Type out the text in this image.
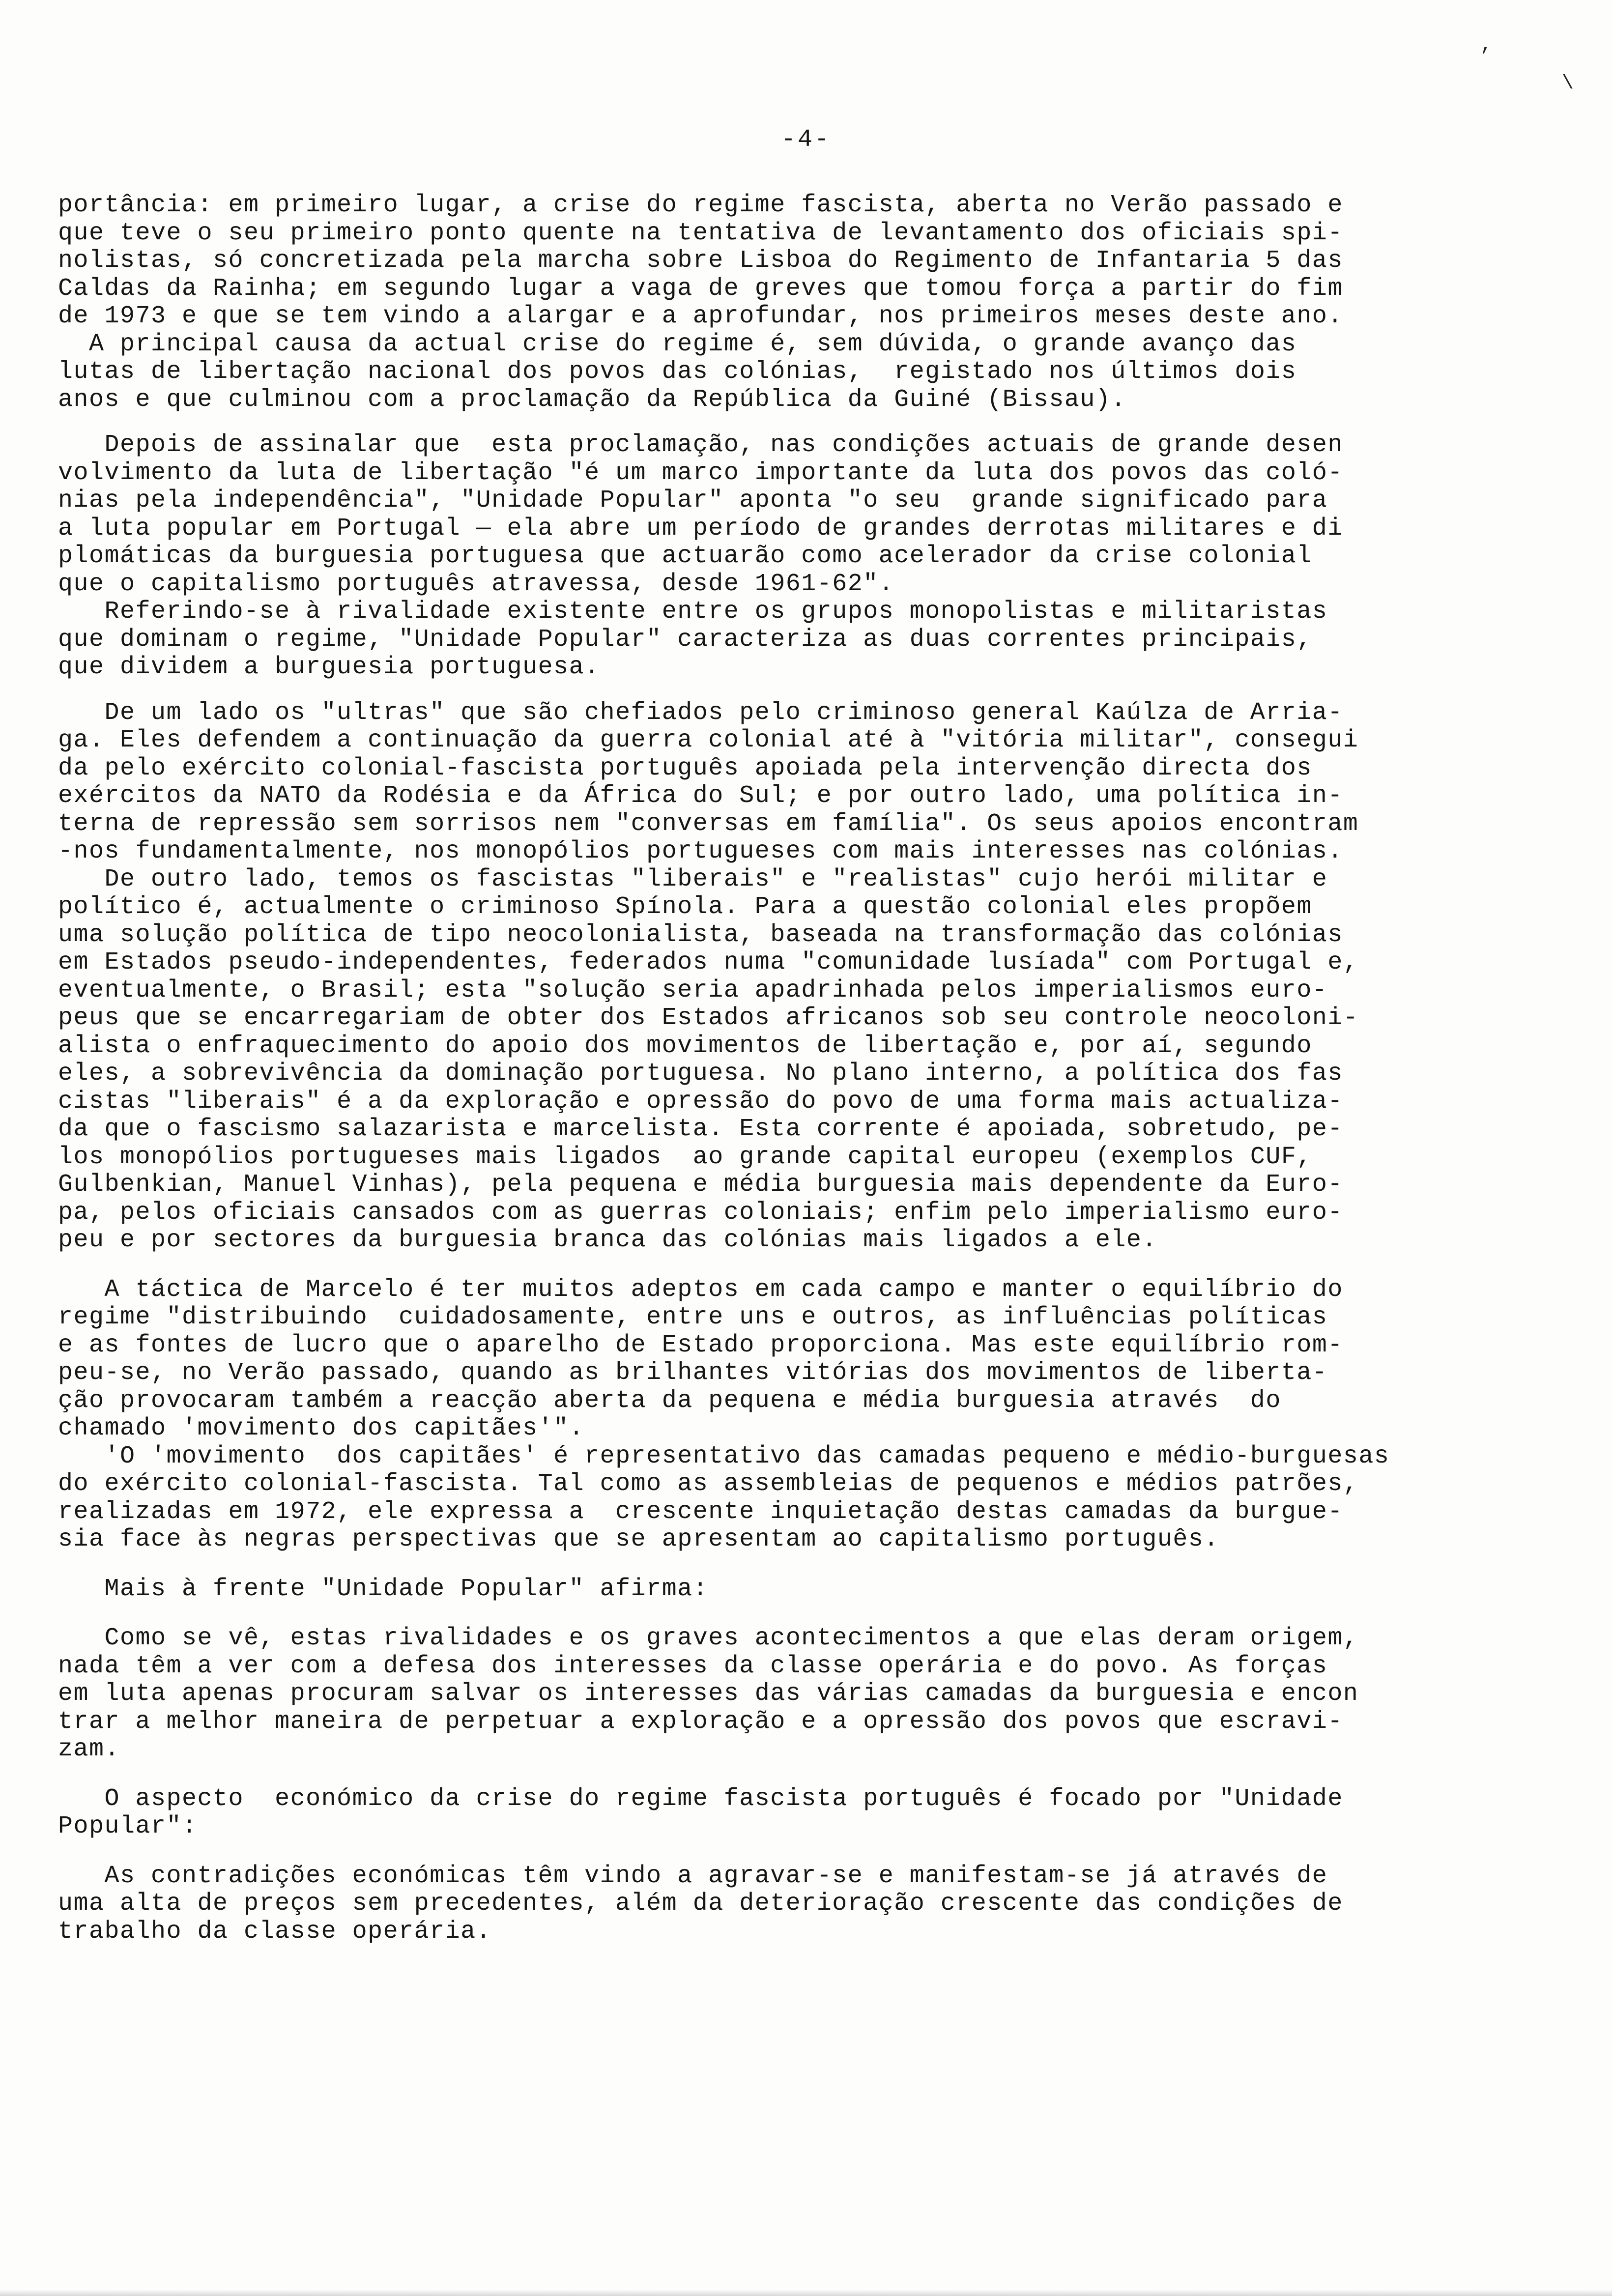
,
\
-4-
portância: em primeiro lugar, a crise do regime fascista, aberta no Verão passado e
que teve o seu primeiro ponto quente na tentativa de levantamento dos oficiais spi-
nolistas, só concretizada pela marcha sobre Lisboa do Regimento de Infantaria 5 das
Caldas da Rainha; em segundo lugar a vaga de greves que tomou força a partir do fim
de 1973 e que se tem vindo a alargar e a aprofundar, nos primeiros meses deste ano.
A principal causa da actual crise do regime é, sem dúvida, o grande avanço das
lutas de libertação nacional dos povos das colónias,  registado nos últimos dois
anos e que culminou com a proclamação da República da Guiné (Bissau).
Depois de assinalar que  esta proclamação, nas condições actuais de grande desen
volvimento da luta de libertação "é um marco importante da luta dos povos das coló-
nias pela independência", "Unidade Popular" aponta "o seu  grande significado para
a luta popular em Portugal — ela abre um período de grandes derrotas militares e di
plomáticas da burguesia portuguesa que actuarão como acelerador da crise colonial
que o capitalismo português atravessa, desde 1961-62".
Referindo-se à rivalidade existente entre os grupos monopolistas e militaristas
que dominam o regime, "Unidade Popular" caracteriza as duas correntes principais,
que dividem a burguesia portuguesa.
De um lado os "ultras" que são chefiados pelo criminoso general Kaúlza de Arria-
ga. Eles defendem a continuação da guerra colonial até à "vitória militar", consegui
da pelo exército colonial-fascista português apoiada pela intervenção directa dos
exércitos da NATO da Rodésia e da África do Sul; e por outro lado, uma política in-
terna de repressão sem sorrisos nem "conversas em família". Os seus apoios encontram
-nos fundamentalmente, nos monopólios portugueses com mais interesses nas colónias.
De outro lado, temos os fascistas "liberais" e "realistas" cujo herói militar e
político é, actualmente o criminoso Spínola. Para a questão colonial eles propõem
uma solução política de tipo neocolonialista, baseada na transformação das colónias
em Estados pseudo-independentes, federados numa "comunidade lusíada" com Portugal e,
eventualmente, o Brasil; esta "solução seria apadrinhada pelos imperialismos euro-
peus que se encarregariam de obter dos Estados africanos sob seu controle neocoloni-
alista o enfraquecimento do apoio dos movimentos de libertação e, por aí, segundo
eles, a sobrevivência da dominação portuguesa. No plano interno, a política dos fas
cistas "liberais" é a da exploração e opressão do povo de uma forma mais actualiza-
da que o fascismo salazarista e marcelista. Esta corrente é apoiada, sobretudo, pe-
los monopólios portugueses mais ligados  ao grande capital europeu (exemplos CUF,
Gulbenkian, Manuel Vinhas), pela pequena e média burguesia mais dependente da Euro-
pa, pelos oficiais cansados com as guerras coloniais; enfim pelo imperialismo euro-
peu e por sectores da burguesia branca das colónias mais ligados a ele.
A táctica de Marcelo é ter muitos adeptos em cada campo e manter o equilíbrio do
regime "distribuindo  cuidadosamente, entre uns e outros, as influências políticas
e as fontes de lucro que o aparelho de Estado proporciona. Mas este equilíbrio rom-
peu-se, no Verão passado, quando as brilhantes vitórias dos movimentos de liberta-
ção provocaram também a reacção aberta da pequena e média burguesia através  do
chamado 'movimento dos capitães'".
'O 'movimento  dos capitães' é representativo das camadas pequeno e médio-burguesas
do exército colonial-fascista. Tal como as assembleias de pequenos e médios patrões,
realizadas em 1972, ele expressa a  crescente inquietação destas camadas da burgue-
sia face às negras perspectivas que se apresentam ao capitalismo português.
Mais à frente "Unidade Popular" afirma:
Como se vê, estas rivalidades e os graves acontecimentos a que elas deram origem,
nada têm a ver com a defesa dos interesses da classe operária e do povo. As forças
em luta apenas procuram salvar os interesses das várias camadas da burguesia e encon
trar a melhor maneira de perpetuar a exploração e a opressão dos povos que escravi-
zam.
O aspecto  económico da crise do regime fascista português é focado por "Unidade
Popular":
As contradições económicas têm vindo a agravar-se e manifestam-se já através de
uma alta de preços sem precedentes, além da deterioração crescente das condições de
trabalho da classe operária.
